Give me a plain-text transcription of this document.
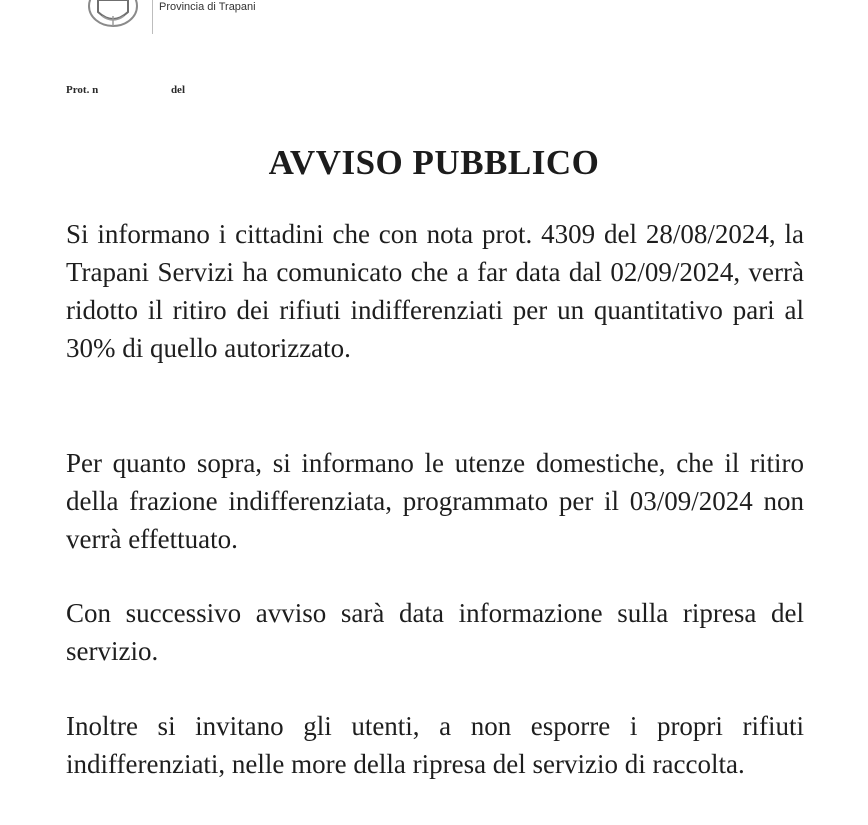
Provincia di Trapani
Prot. n	del
AVVISO PUBBLICO

Si informano i cittadini che con nota prot. 4309 del 28/08/2024, la Trapani Servizi ha comunicato che a far data dal 02/09/2024, verrà ridotto il ritiro dei rifiuti indifferenziati per un quantitativo pari al 30% di quello autorizzato.

Per quanto sopra, si informano le utenze domestiche, che il ritiro della frazione indifferenziata, programmato per il 03/09/2024 non verrà effettuato.

Con successivo avviso sarà data informazione sulla ripresa del servizio.

Inoltre si invitano gli utenti, a non esporre i propri rifiuti indifferenziati, nelle more della ripresa del servizio di raccolta.
